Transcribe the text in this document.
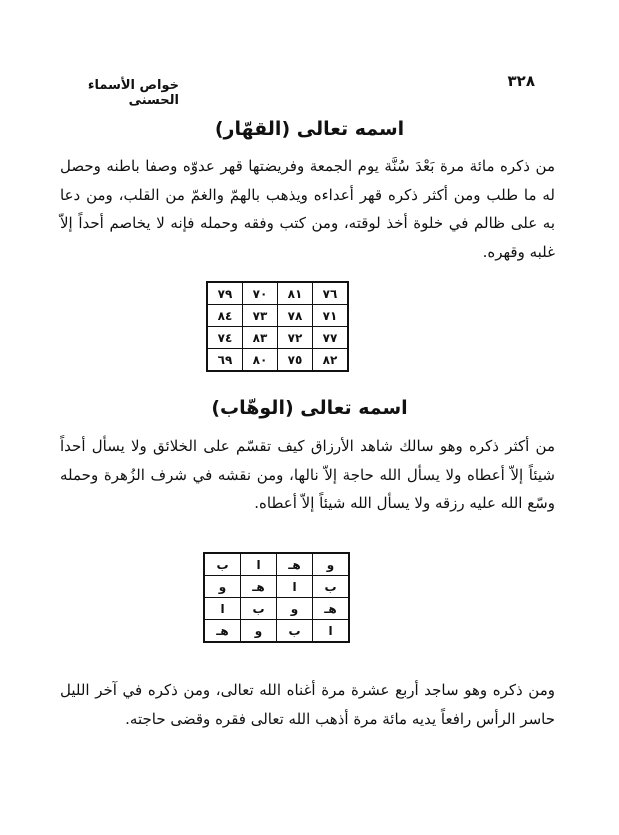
خواص الأسماء الحسنى
٣٢٨
اسمه تعالى (القهّار)
من ذكره مائة مرة بَعْدَ سُنَّة يوم الجمعة وفريضتها قهر عدوّه وصفا باطنه وحصل له ما طلب ومن أكثر ذكره قهر أعداءه ويذهب بالهمّ والغمّ من القلب، ومن دعا به على ظالم في خلوة أخذ لوقته، ومن كتب وفقه وحمله فإنه لا يخاصم أحداً إلاّ غلبه وقهره.
٧٦	٨١	٧٠	٧٩
٧١	٧٨	٧٣	٨٤
٧٧	٧٢	٨٣	٧٤
٨٢	٧٥	٨٠	٦٩
اسمه تعالى (الوهّاب)
من أكثر ذكره وهو سالك شاهد الأرزاق كيف تقسّم على الخلائق ولا يسأل أحداً شيئاً إلاّ أعطاه ولا يسأل الله حاجة إلاّ نالها، ومن نقشه في شرف الزُهرة وحمله وسّع الله عليه رزقه ولا يسأل الله شيئاً إلاّ أعطاه.
و	هـ	ا	ب
ب	ا	هـ	و
هـ	و	ب	ا
ا	ب	و	هـ
ومن ذكره وهو ساجد أربع عشرة مرة أغناه الله تعالى، ومن ذكره في آخر الليل حاسر الرأس رافعاً يديه مائة مرة أذهب الله تعالى فقره وقضى حاجته.
